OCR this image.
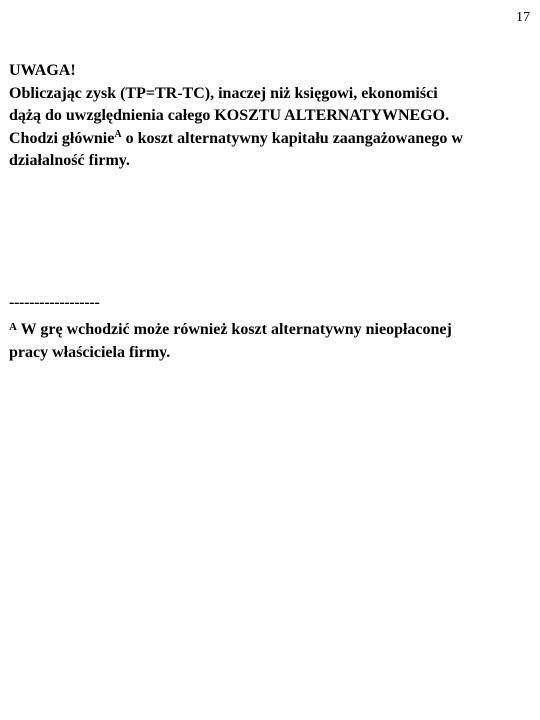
17
UWAGA!
Obliczając zysk (TP=TR-TC), inaczej niż księgowi, ekonomiści
dążą do uwzględnienia całego KOSZTU ALTERNATYWNEGO.
Chodzi głównie$^A$ o koszt alternatywny kapitału zaangażowanego w
działalność firmy.
------------------
$^A$ W grę wchodzić może również koszt alternatywny nieopłaconej
pracy właściciela firmy.
